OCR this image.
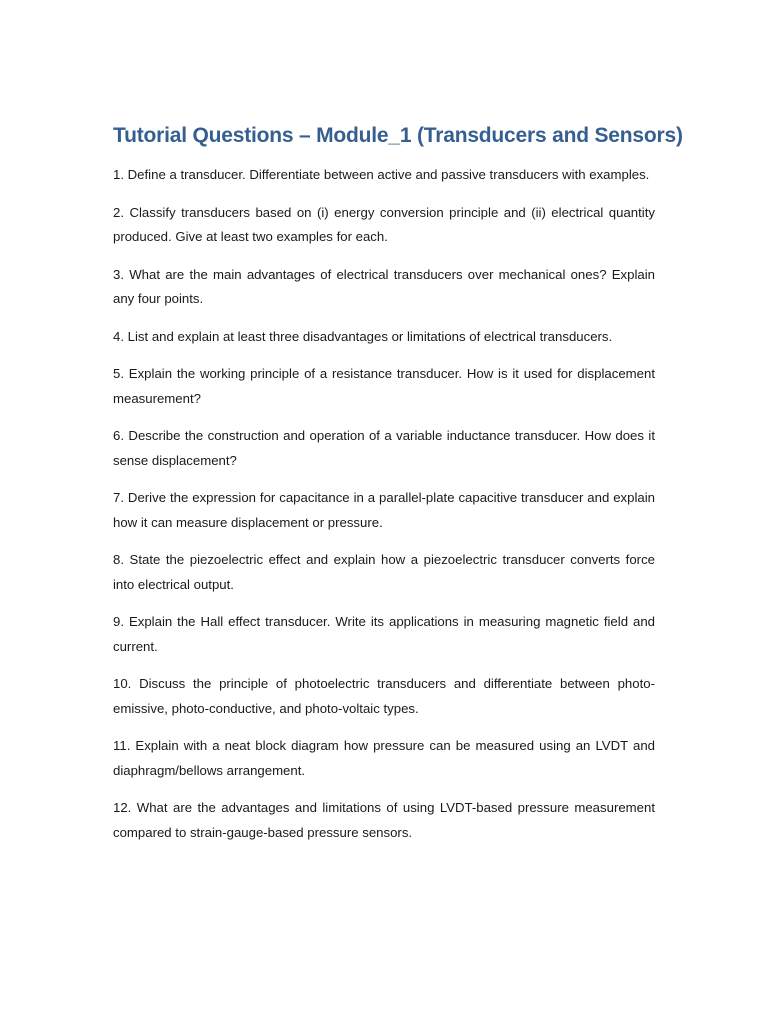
Tutorial Questions – Module_1 (Transducers and Sensors)
1. Define a transducer. Differentiate between active and passive transducers with examples.
2. Classify transducers based on (i) energy conversion principle and (ii) electrical quantity produced. Give at least two examples for each.
3. What are the main advantages of electrical transducers over mechanical ones? Explain any four points.
4. List and explain at least three disadvantages or limitations of electrical transducers.
5. Explain the working principle of a resistance transducer. How is it used for displacement measurement?
6. Describe the construction and operation of a variable inductance transducer. How does it sense displacement?
7. Derive the expression for capacitance in a parallel-plate capacitive transducer and explain how it can measure displacement or pressure.
8. State the piezoelectric effect and explain how a piezoelectric transducer converts force into electrical output.
9. Explain the Hall effect transducer. Write its applications in measuring magnetic field and current.
10. Discuss the principle of photoelectric transducers and differentiate between photo-emissive, photo-conductive, and photo-voltaic types.
11. Explain with a neat block diagram how pressure can be measured using an LVDT and diaphragm/bellows arrangement.
12. What are the advantages and limitations of using LVDT-based pressure measurement compared to strain-gauge-based pressure sensors.
